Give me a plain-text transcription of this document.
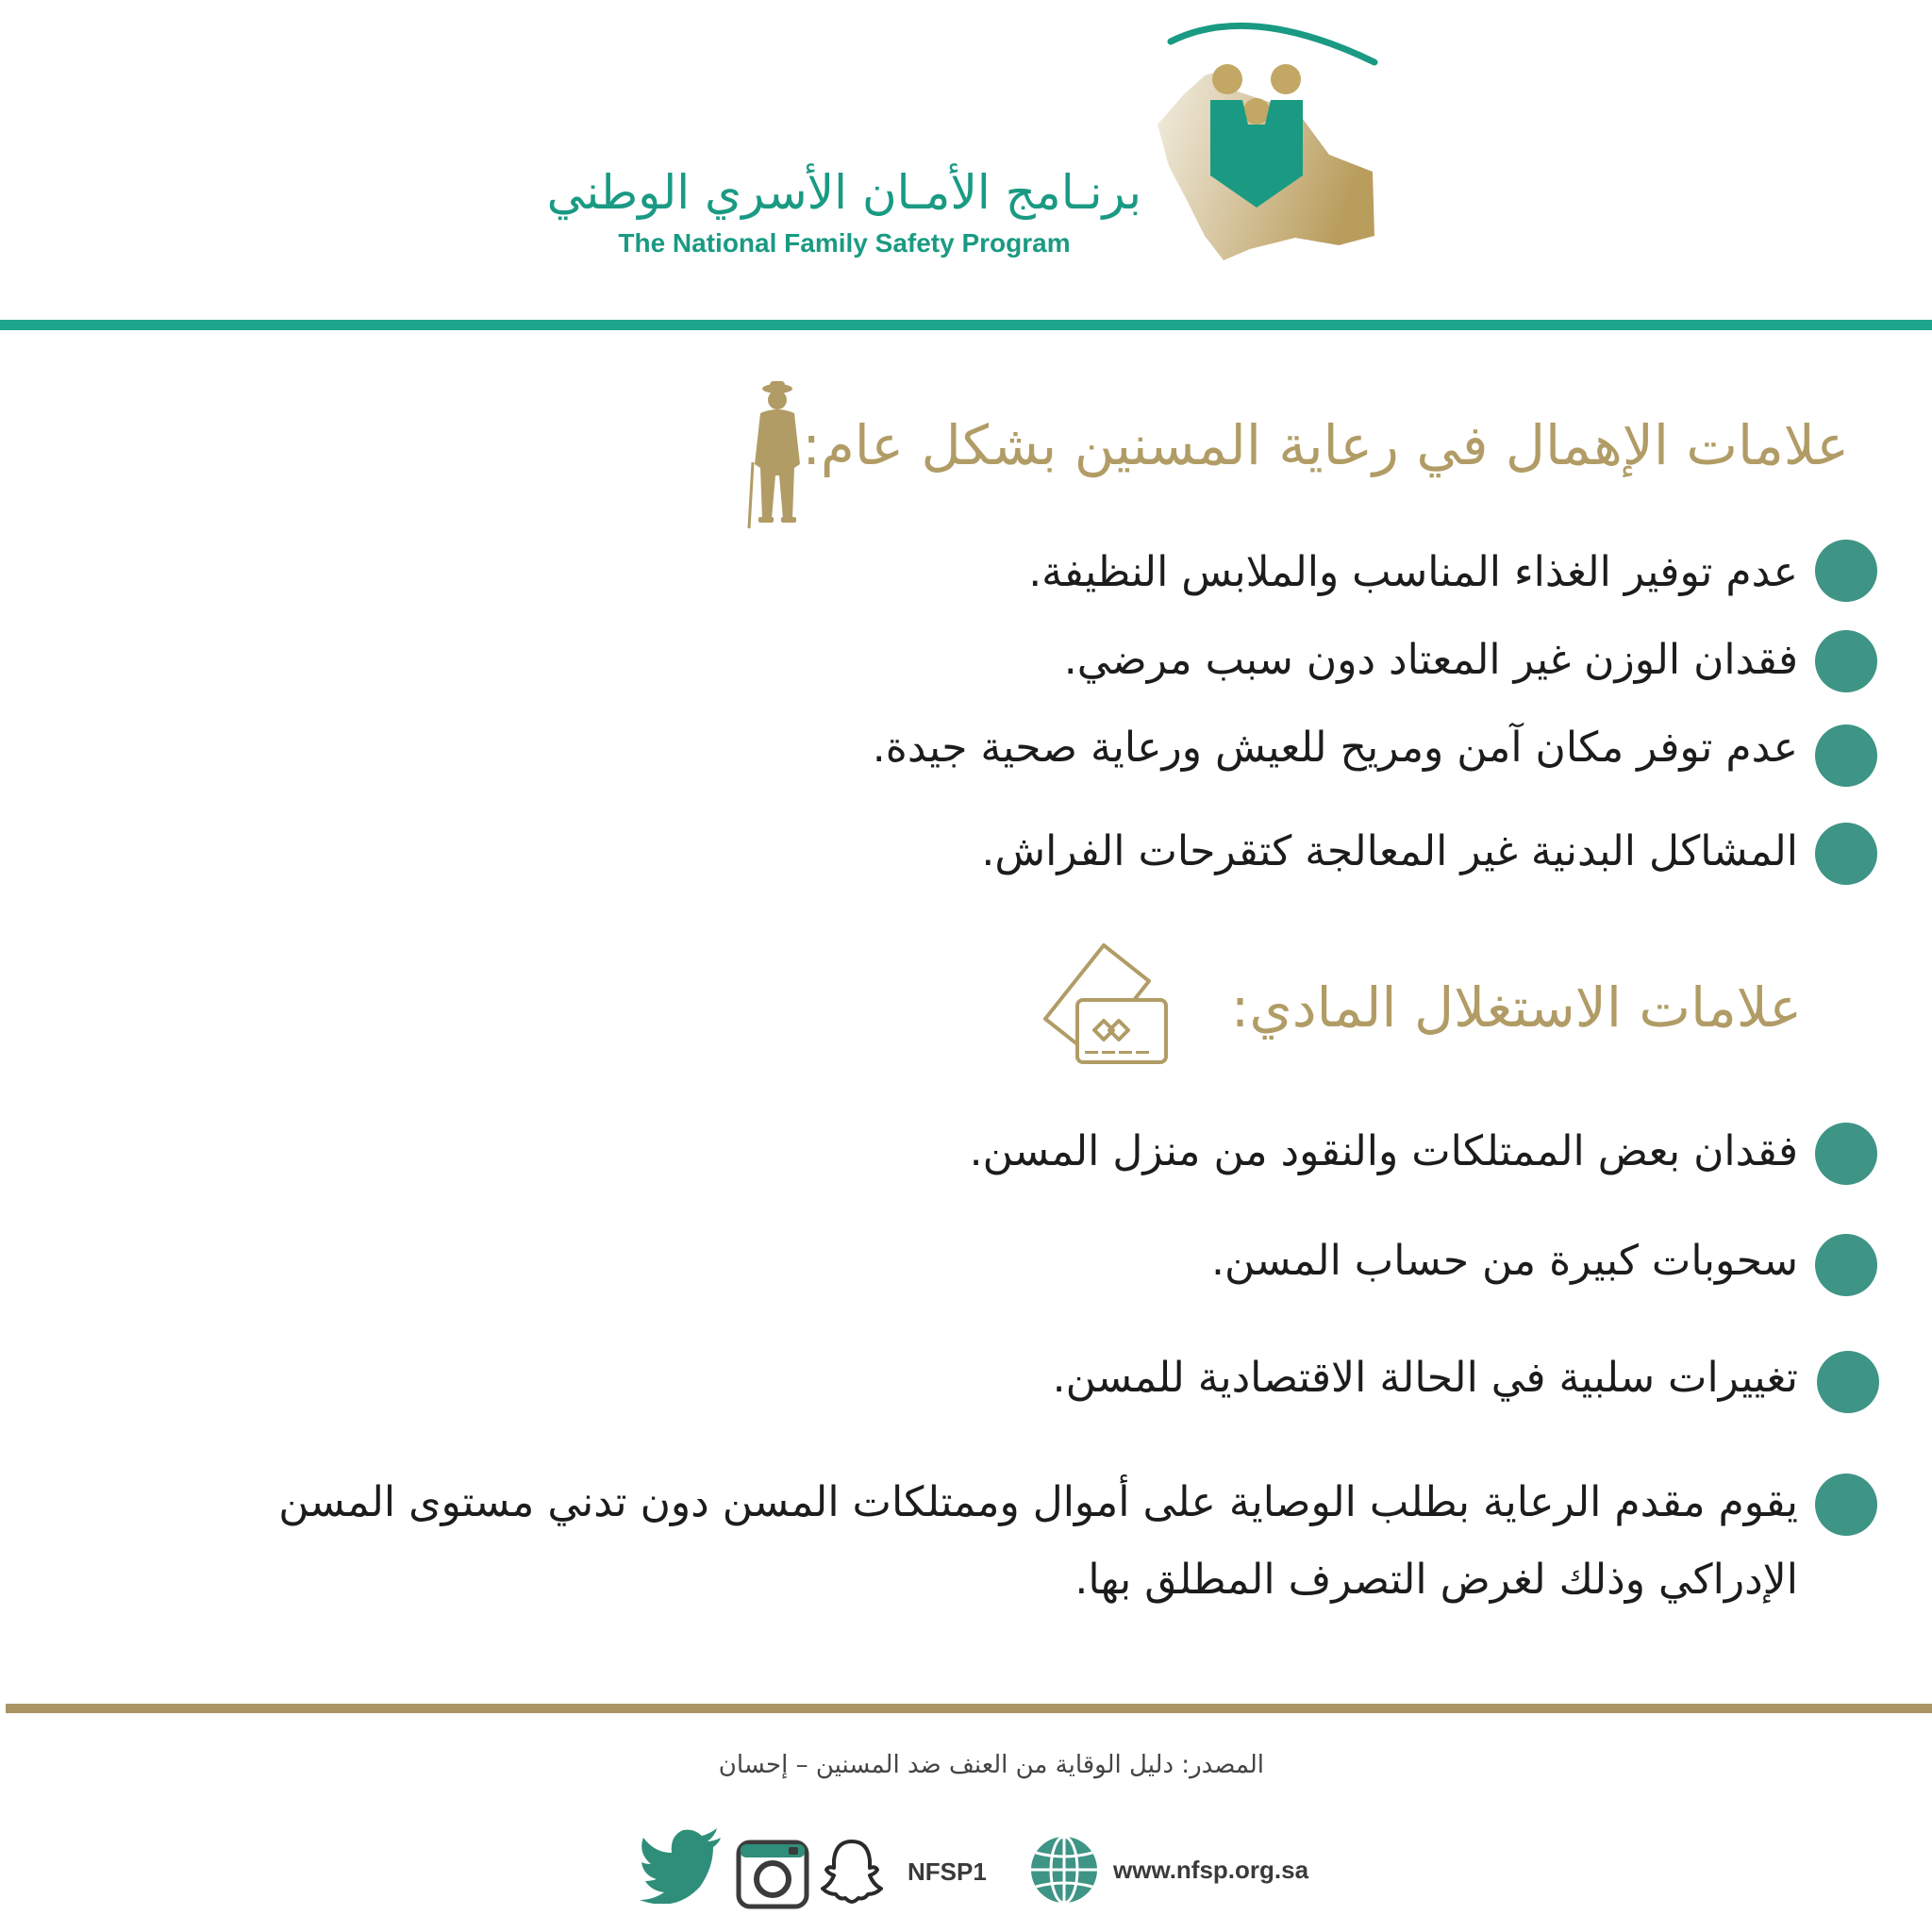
برنـامج الأمـان الأسري الوطني
The National Family Safety Program
علامات الإهمال في رعاية المسنين بشكل عام:
عدم توفير الغذاء المناسب والملابس النظيفة.
فقدان الوزن غير المعتاد دون سبب مرضي.
عدم توفر مكان آمن ومريح للعيش ورعاية صحية جيدة.
المشاكل البدنية غير المعالجة كتقرحات الفراش.
علامات الاستغلال المادي:
فقدان بعض الممتلكات والنقود من منزل المسن.
سحوبات كبيرة من حساب المسن.
تغييرات سلبية في الحالة الاقتصادية للمسن.
يقوم مقدم الرعاية بطلب الوصاية على أموال وممتلكات المسن دون تدني مستوى المسن الإدراكي وذلك لغرض التصرف المطلق بها.
المصدر: دليل الوقاية من العنف ضد المسنين – إحسان
NFSP1	www.nfsp.org.sa
